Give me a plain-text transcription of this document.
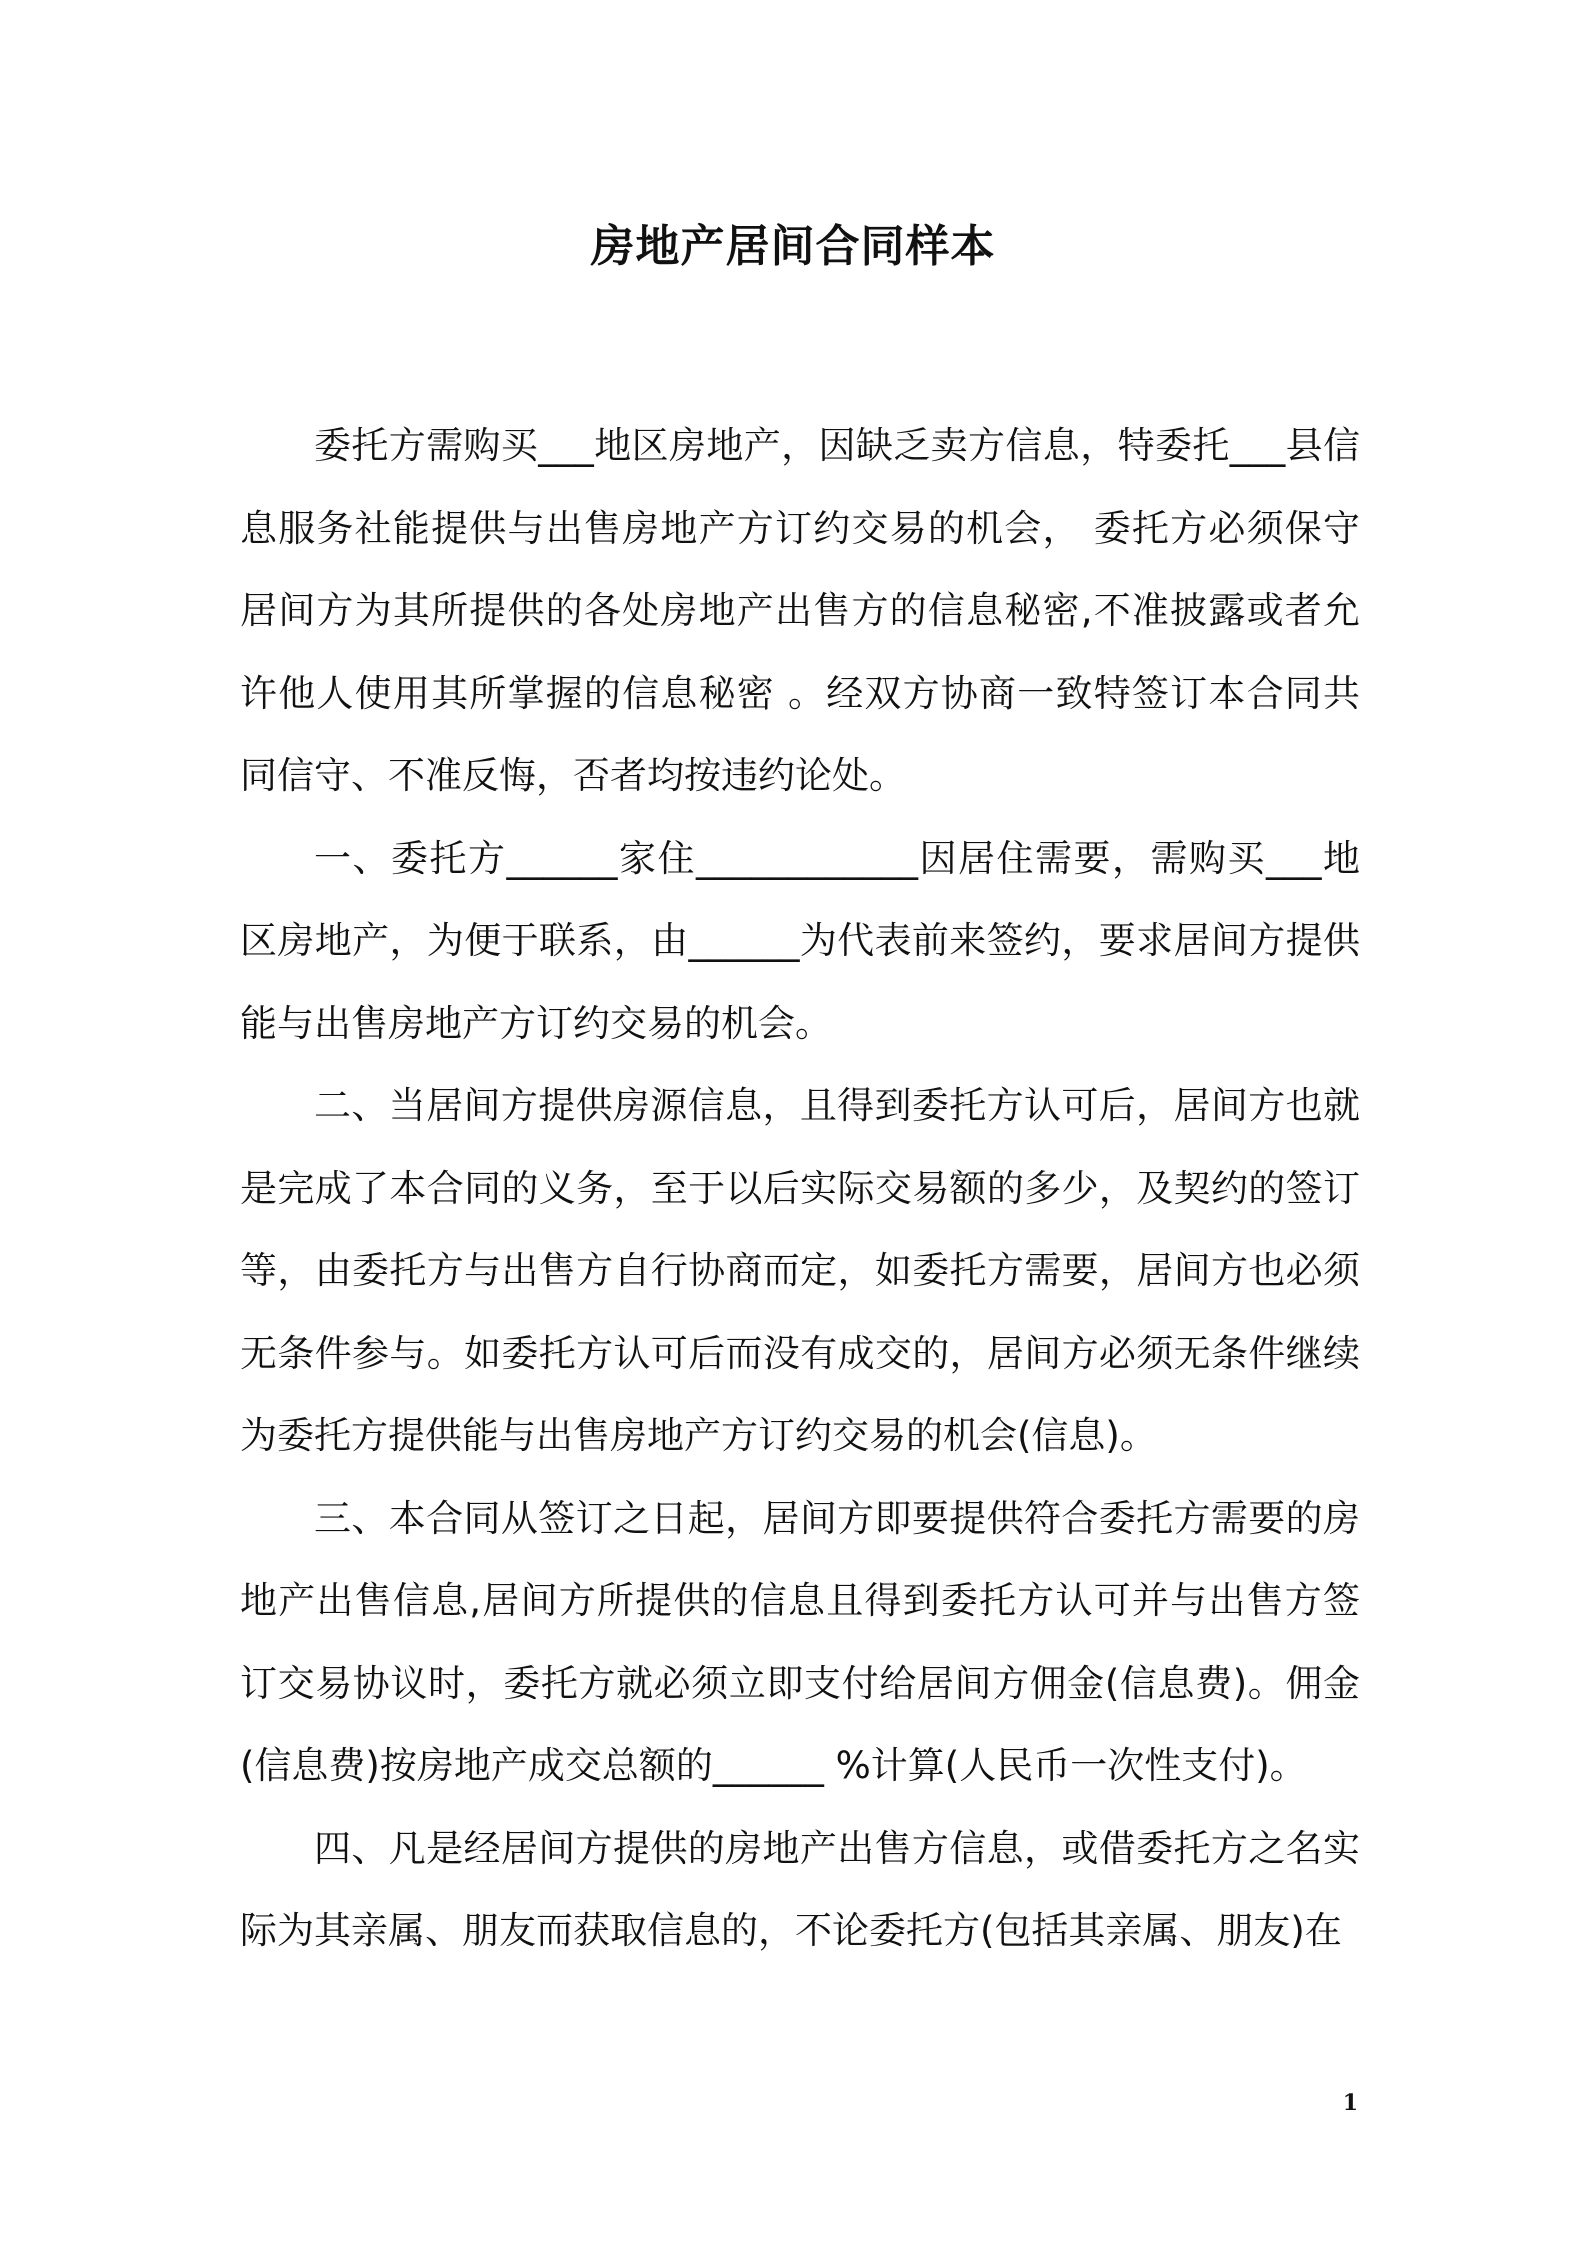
房地产居间合同样本

委托方需购买___地区房地产，因缺乏卖方信息，特委托___县信息服务社能提供与出售房地产方订约交易的机会， 委托方必须保守居间方为其所提供的各处房地产出售方的信息秘密,不准披露或者允许他人使用其所掌握的信息秘密 。经双方协商一致特签订本合同共同信守、不准反悔，否者均按违约论处。

一、委托方______家住____________因居住需要，需购买___地区房地产，为便于联系，由______为代表前来签约，要求居间方提供能与出售房地产方订约交易的机会。

二、当居间方提供房源信息，且得到委托方认可后，居间方也就是完成了本合同的义务，至于以后实际交易额的多少，及契约的签订等，由委托方与出售方自行协商而定，如委托方需要，居间方也必须无条件参与。如委托方认可后而没有成交的，居间方必须无条件继续为委托方提供能与出售房地产方订约交易的机会(信息)。

三、本合同从签订之日起，居间方即要提供符合委托方需要的房地产出售信息,居间方所提供的信息且得到委托方认可并与出售方签订交易协议时，委托方就必须立即支付给居间方佣金(信息费)。佣金(信息费)按房地产成交总额的______ %计算(人民币一次性支付)。

四、凡是经居间方提供的房地产出售方信息，或借委托方之名实际为其亲属、朋友而获取信息的，不论委托方(包括其亲属、朋友)在

1
